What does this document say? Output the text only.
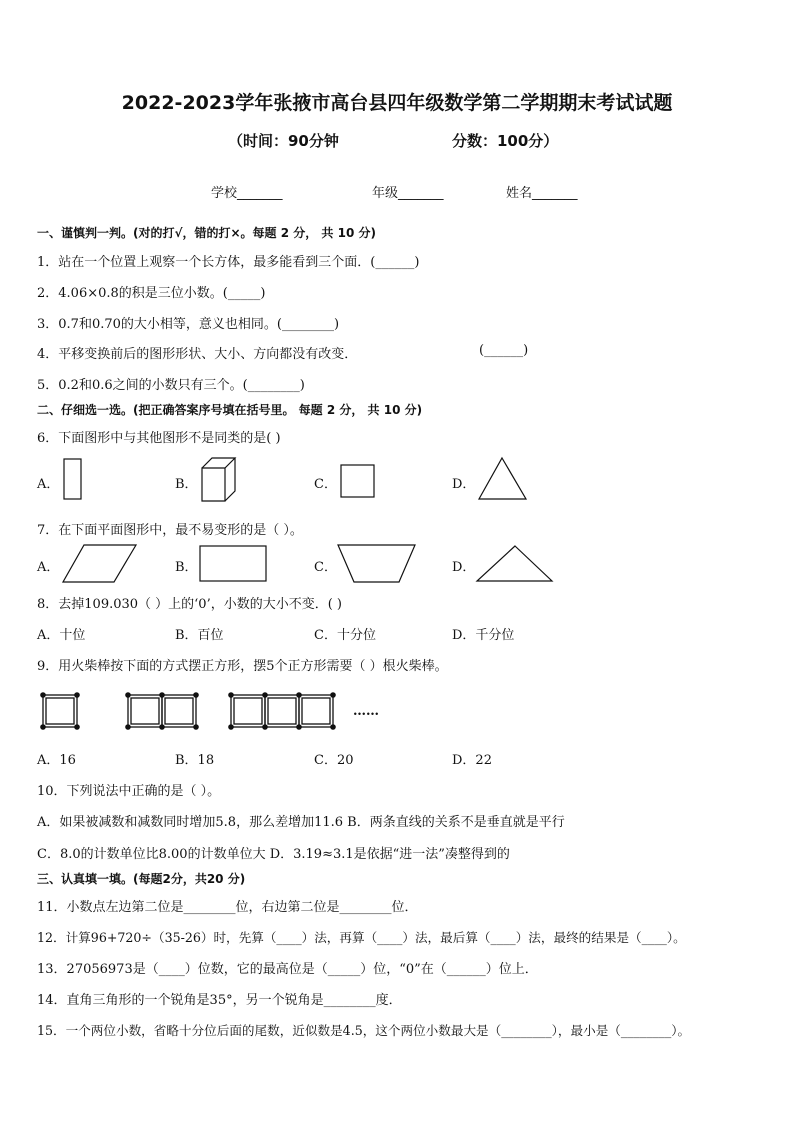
2022-2023学年张掖市高台县四年级数学第二学期期末考试试题
（时间：90分钟	分数：100分）
学校_______	年级_______	姓名_______
一、谨慎判一判。(对的打√，错的打×。每题 2 分， 共 10 分)
1．站在一个位置上观察一个长方体，最多能看到三个面．(______)
2．4.06×0.8的积是三位小数。(_____)
3．0.7和0.70的大小相等，意义也相同。(________)
4．平移变换前后的图形形状、大小、方向都没有改变．	(______)
5．0.2和0.6之间的小数只有三个。(________)
二、仔细选一选。(把正确答案序号填在括号里。 每题 2 分， 共 10 分)
6．下面图形中与其他图形不是同类的是( )
A．	B．	C．	D．
7．在下面平面图形中，最不易变形的是（ ）。
A．	B．	C．	D．
8．去掉109.030（ ）上的‘0’，小数的大小不变．( )
A．十位	B．百位	C．十分位	D．千分位
9．用火柴棒按下面的方式摆正方形，摆5个正方形需要（ ）根火柴棒。
……
A．16	B．18	C．20	D．22
10．下列说法中正确的是（ ）。
A．如果被减数和减数同时增加5.8，那么差增加11.6 B．两条直线的关系不是垂直就是平行
C．8.0的计数单位比8.00的计数单位大 D．3.19≈3.1是依据“进一法”凑整得到的
三、认真填一填。(每题2分，共20 分)
11．小数点左边第二位是________位，右边第二位是________位．
12．计算96+720÷（35-26）时，先算（____）法，再算（____）法，最后算（____）法，最终的结果是（____）。
13．27056973是（____）位数，它的最高位是（_____）位，“0”在（______）位上．
14．直角三角形的一个锐角是35°，另一个锐角是________度．
15．一个两位小数，省略十分位后面的尾数，近似数是4.5，这个两位小数最大是（________），最小是（________）。
